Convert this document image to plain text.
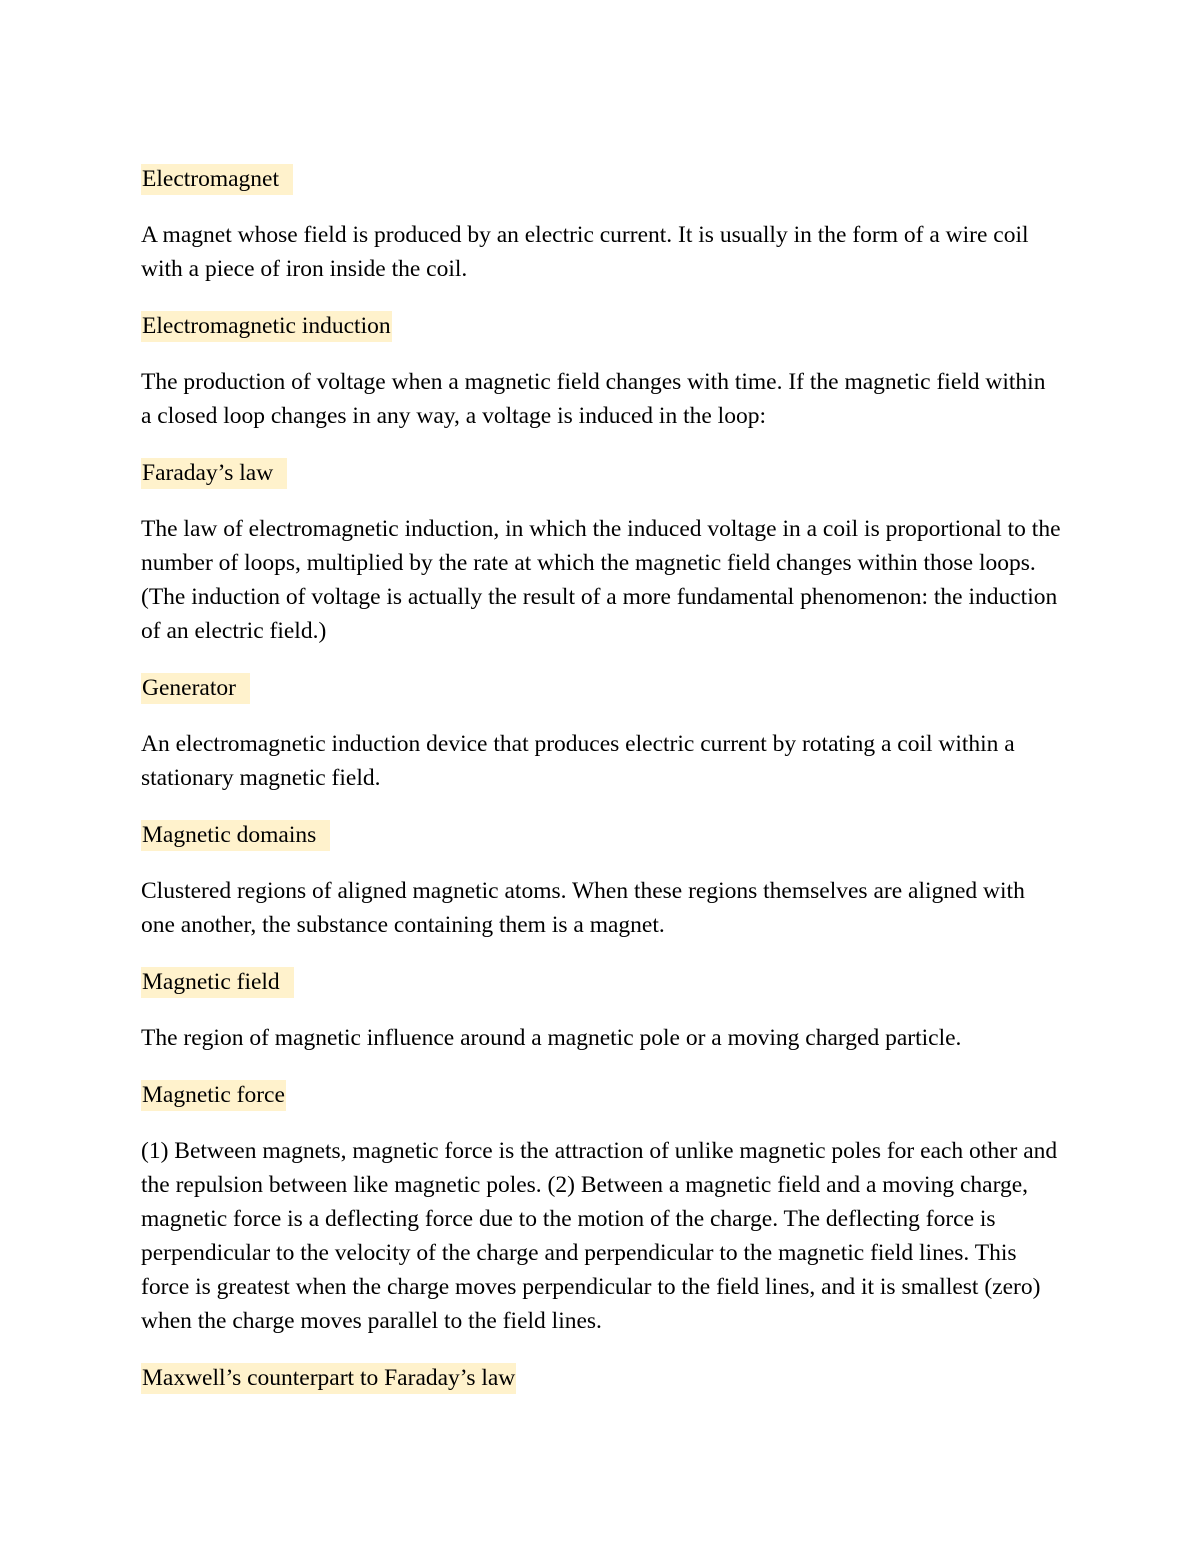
Electromagnet

A magnet whose field is produced by an electric current. It is usually in the form of a wire coil with a piece of iron inside the coil.

Electromagnetic induction

The production of voltage when a magnetic field changes with time. If the magnetic field within a closed loop changes in any way, a voltage is induced in the loop:

Faraday’s law

The law of electromagnetic induction, in which the induced voltage in a coil is proportional to the number of loops, multiplied by the rate at which the magnetic field changes within those loops. (The induction of voltage is actually the result of a more fundamental phenomenon: the induction of an electric field.)

Generator

An electromagnetic induction device that produces electric current by rotating a coil within a stationary magnetic field.

Magnetic domains

Clustered regions of aligned magnetic atoms. When these regions themselves are aligned with one another, the substance containing them is a magnet.

Magnetic field

The region of magnetic influence around a magnetic pole or a moving charged particle.

Magnetic force

(1) Between magnets, magnetic force is the attraction of unlike magnetic poles for each other and the repulsion between like magnetic poles. (2) Between a magnetic field and a moving charge, magnetic force is a deflecting force due to the motion of the charge. The deflecting force is perpendicular to the velocity of the charge and perpendicular to the magnetic field lines. This force is greatest when the charge moves perpendicular to the field lines, and it is smallest (zero) when the charge moves parallel to the field lines.

Maxwell’s counterpart to Faraday’s law
